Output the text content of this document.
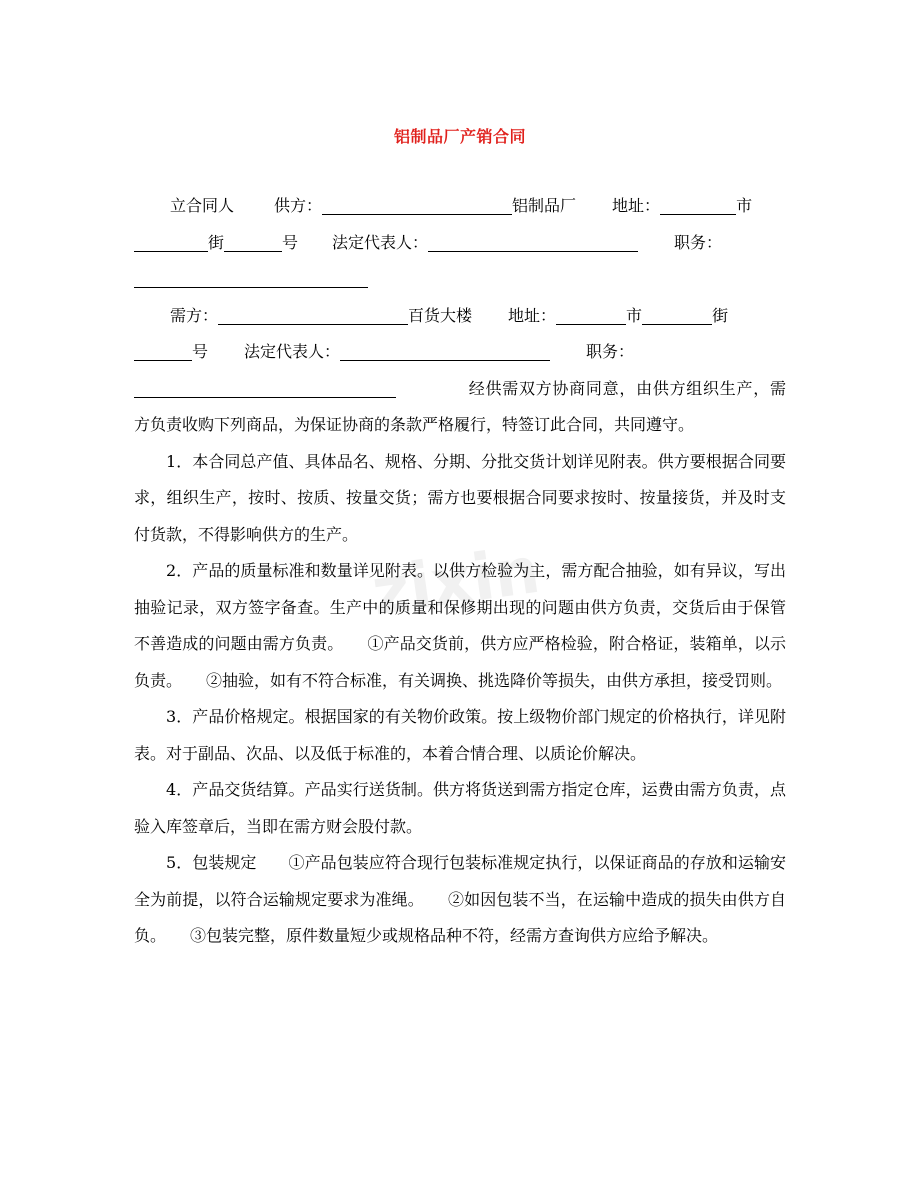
铝制品厂产销合同
立合同人	供方：	铝制品厂 地址：	市
街	号 法定代表人：	职务：
需方：	百货大楼 地址：	市	街
号 法定代表人：	职务：

经供需双方协商同意，由供方组织生产，需方负责收购下列商品，为保证协商的条款严格履行，特签订此合同，共同遵守。

1．本合同总产值、具体品名、规格、分期、分批交货计划详见附表。供方要根据合同要求，组织生产，按时、按质、按量交货；需方也要根据合同要求按时、按量接货，并及时支付货款，不得影响供方的生产。

2．产品的质量标准和数量详见附表。以供方检验为主，需方配合抽验，如有异议，写出抽验记录，双方签字备查。生产中的质量和保修期出现的问题由供方负责，交货后由于保管不善造成的问题由需方负责。　　①产品交货前，供方应严格检验，附合格证，装箱单，以示负责。　　②抽验，如有不符合标准，有关调换、挑选降价等损失，由供方承担，接受罚则。

3．产品价格规定。根据国家的有关物价政策。按上级物价部门规定的价格执行，详见附表。对于副品、次品、以及低于标准的，本着合情合理、以质论价解决。

4．产品交货结算。产品实行送货制。供方将货送到需方指定仓库，运费由需方负责，点验入库签章后，当即在需方财会股付款。

5．包装规定　　①产品包装应符合现行包装标准规定执行，以保证商品的存放和运输安全为前提，以符合运输规定要求为准绳。　　②如因包装不当，在运输中造成的损失由供方自负。　　③包装完整，原件数量短少或规格品种不符，经需方查询供方应给予解决。

zixin
